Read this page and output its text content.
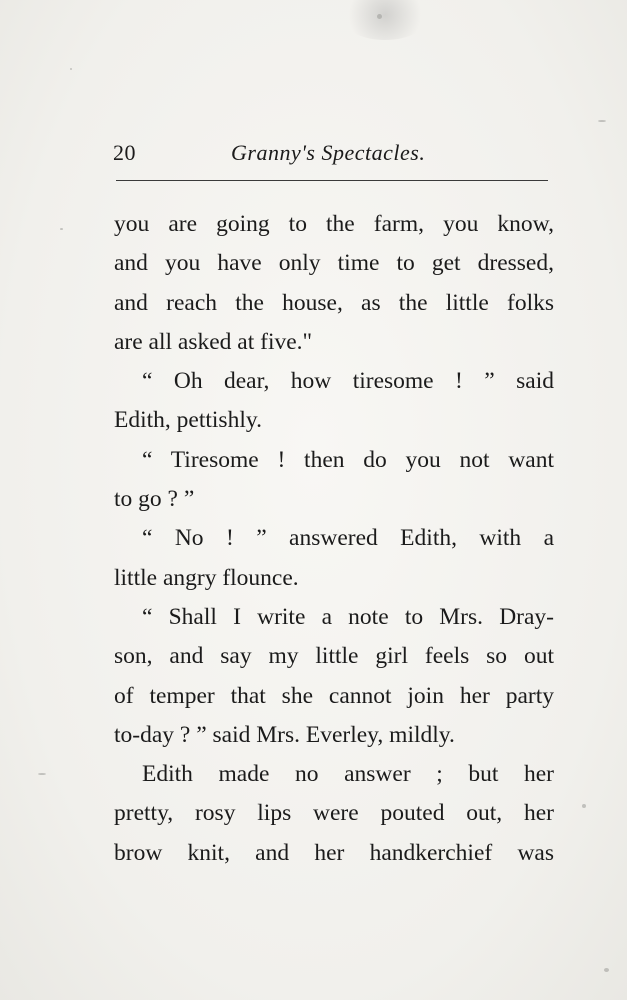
20	Granny's Spectacles.
you are going to the farm, you know,
and you have only time to get dressed,
and reach the house, as the little folks
are all asked at five."
“ Oh dear, how tiresome ! ” said
Edith, pettishly.
“ Tiresome ! then do you not want
to go ? ”
“ No ! ” answered Edith, with a
little angry flounce.
“ Shall I write a note to Mrs. Dray-
son, and say my little girl feels so out
of temper that she cannot join her party
to-day ? ” said Mrs. Everley, mildly.
Edith made no answer ; but her
pretty, rosy lips were pouted out, her
brow knit, and her handkerchief was
